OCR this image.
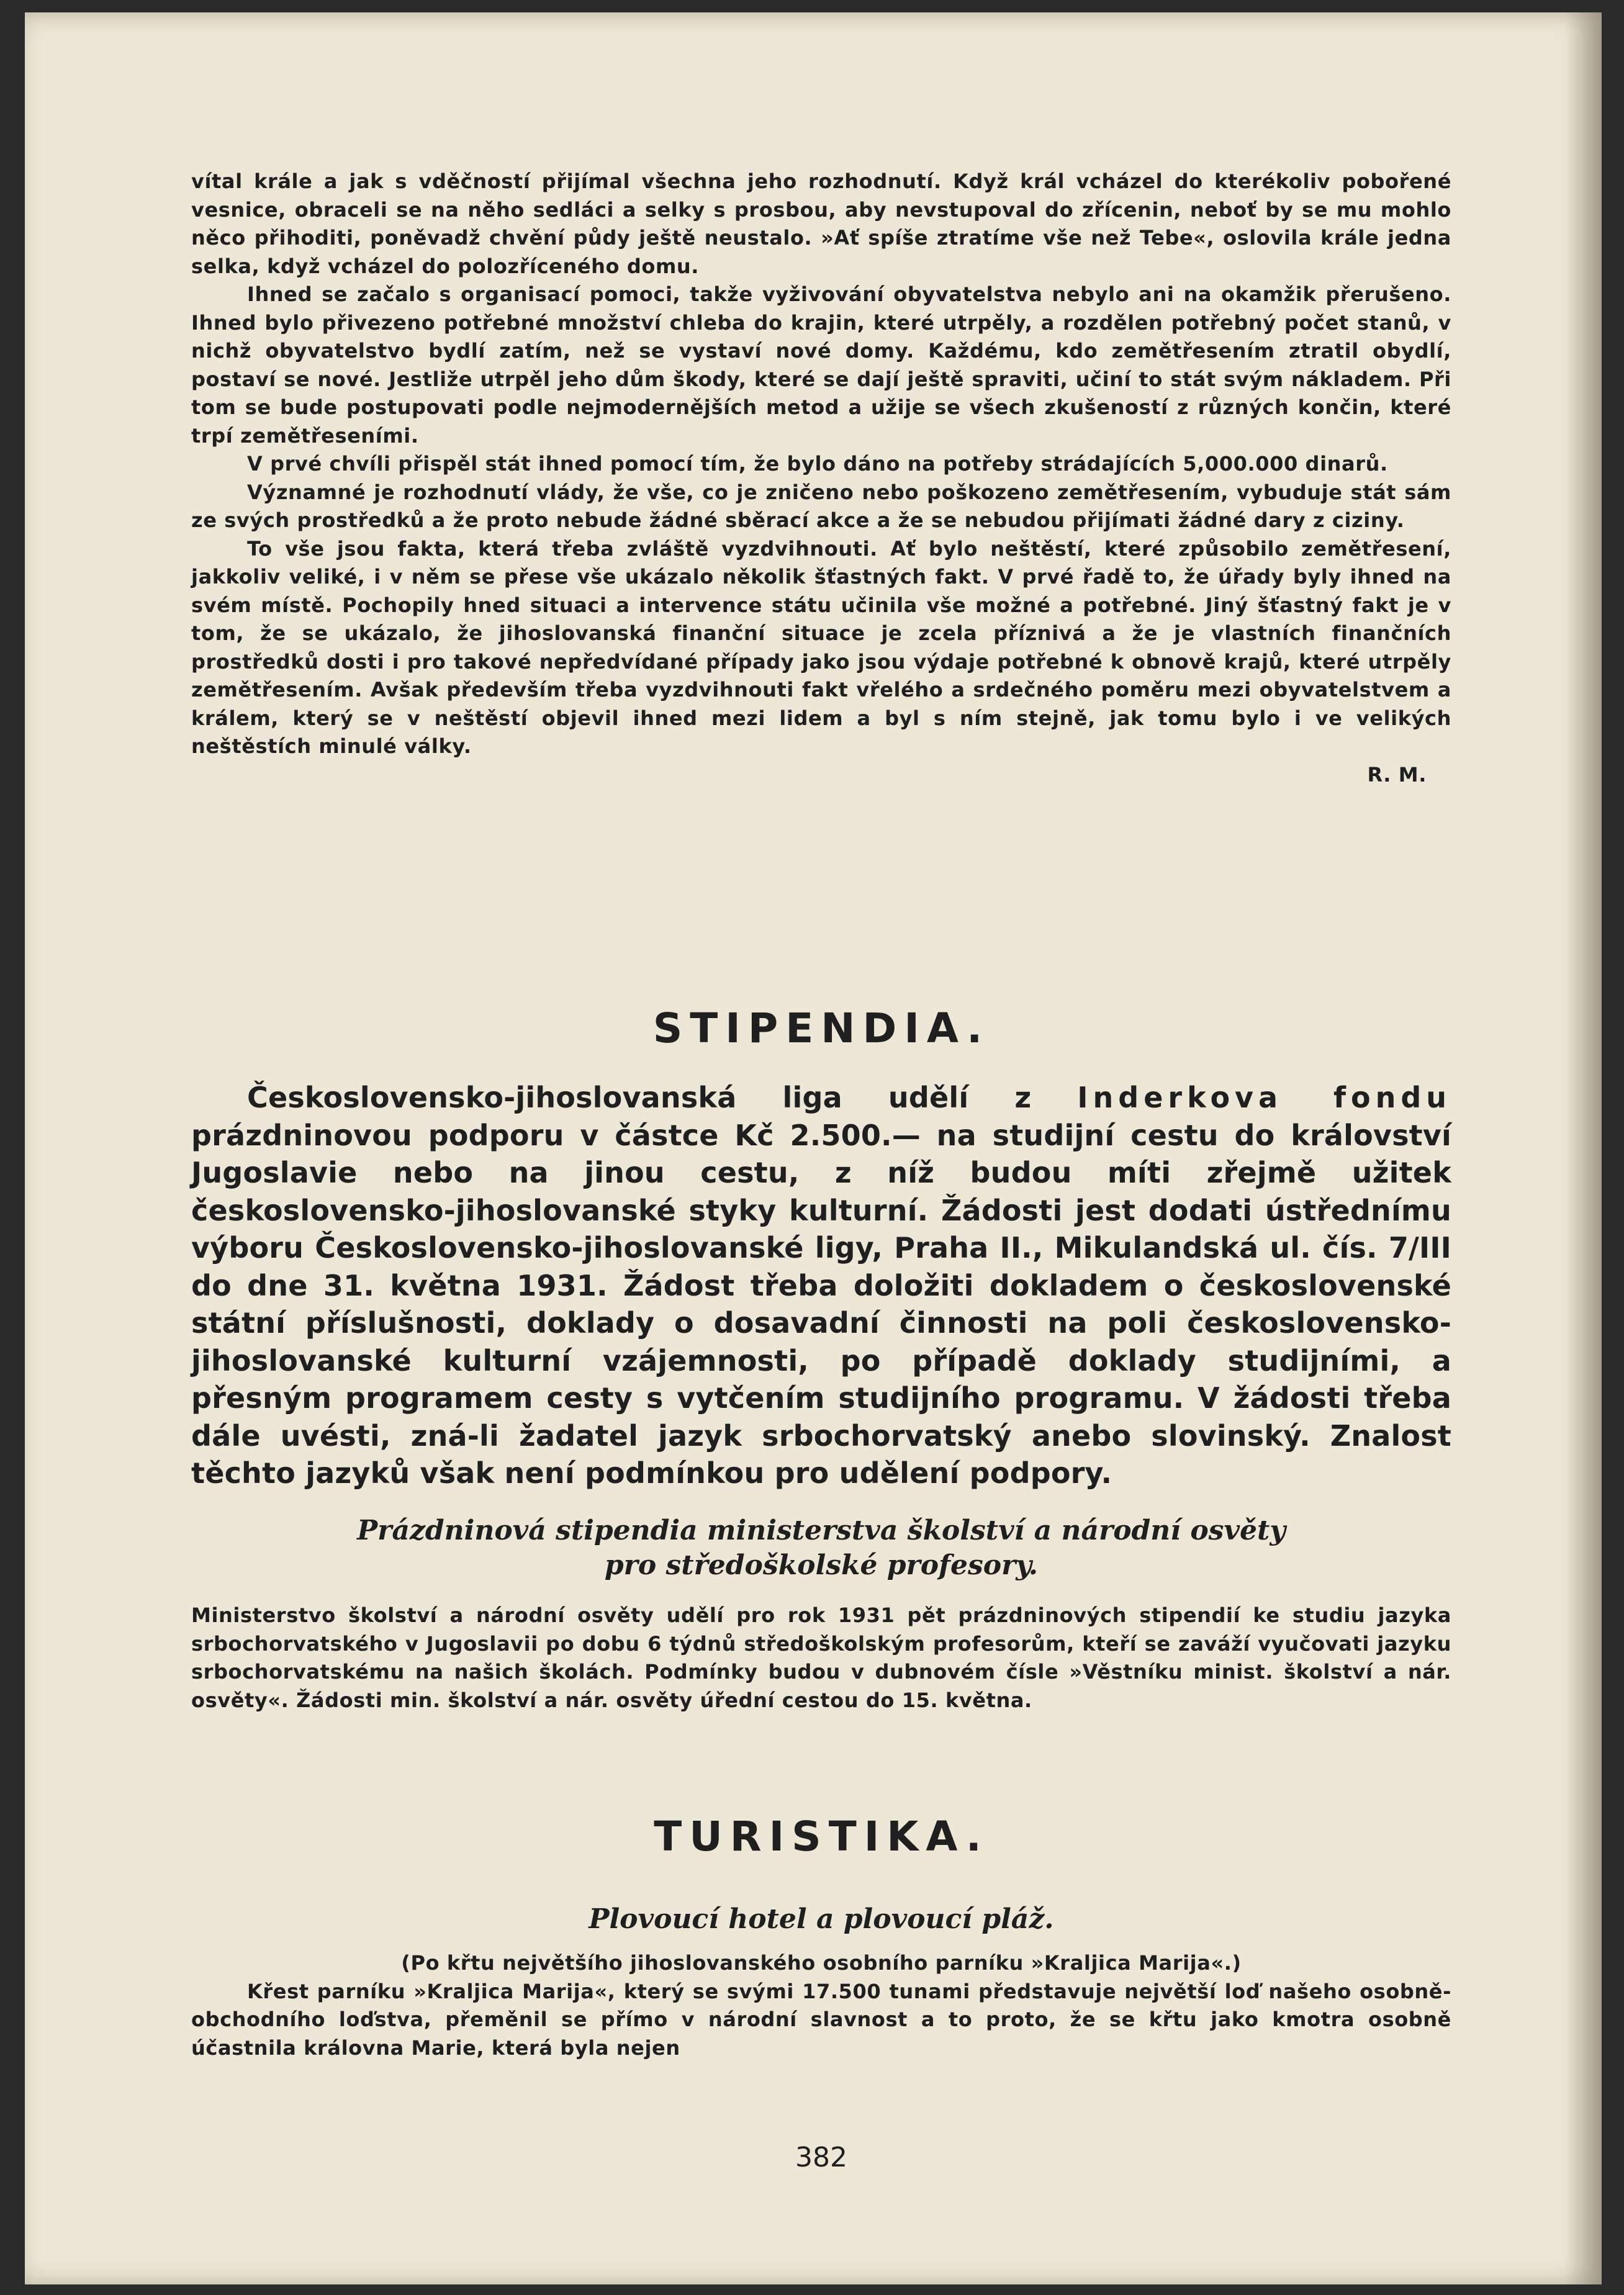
vítal krále a jak s vděčností přijímal všechna jeho rozhodnutí. Když král vcházel do kterékoliv pobořené vesnice, obraceli se na něho sedláci a selky s prosbou, aby nevstupoval do zřícenin, neboť by se mu mohlo něco přihoditi, poněvadž chvění půdy ještě neustalo. »Ať spíše ztratíme vše než Tebe«, oslovila krále jedna selka, když vcházel do polozříceného domu.

Ihned se začalo s organisací pomoci, takže vyživování obyvatelstva nebylo ani na okamžik přerušeno. Ihned bylo přivezeno potřebné množství chleba do krajin, které utrpěly, a rozdělen potřebný počet stanů, v nichž obyvatelstvo bydlí zatím, než se vystaví nové domy. Každému, kdo zemětřesením ztratil obydlí, postaví se nové. Jestliže utrpěl jeho dům škody, které se dají ještě spraviti, učiní to stát svým nákladem. Při tom se bude postupovati podle nejmodernějších metod a užije se všech zkušeností z různých končin, které trpí zemětřeseními.

V prvé chvíli přispěl stát ihned pomocí tím, že bylo dáno na potřeby strádajících 5,000.000 dinarů.

Významné je rozhodnutí vlády, že vše, co je zničeno nebo poškozeno zemětřesením, vybuduje stát sám ze svých prostředků a že proto nebude žádné sběrací akce a že se nebudou přijímati žádné dary z ciziny.

To vše jsou fakta, která třeba zvláště vyzdvihnouti. Ať bylo neštěstí, které způsobilo zemětřesení, jakkoliv veliké, i v něm se přese vše ukázalo několik šťastných fakt. V prvé řadě to, že úřady byly ihned na svém místě. Pochopily hned situaci a intervence státu učinila vše možné a potřebné. Jiný šťastný fakt je v tom, že se ukázalo, že jihoslovanská finanční situace je zcela příznivá a že je vlastních finančních prostředků dosti i pro takové nepředvídané případy jako jsou výdaje potřebné k obnově krajů, které utrpěly zemětřesením. Avšak především třeba vyzdvihnouti fakt vřelého a srdečného poměru mezi obyvatelstvem a králem, který se v neštěstí objevil ihned mezi lidem a byl s ním stejně, jak tomu bylo i ve velikých neštěstích minulé války.

R. M.

STIPENDIA.

Československo-jihoslovanská liga udělí z Inderkova fondu prázdninovou podporu v částce Kč 2.500.— na studijní cestu do království Jugoslavie nebo na jinou cestu, z níž budou míti zřejmě užitek československo-jihoslovanské styky kulturní. Žádosti jest dodati ústřednímu výboru Československo-jihoslovanské ligy, Praha II., Mikulandská ul. čís. 7/III do dne 31. května 1931. Žádost třeba doložiti dokladem o československé státní příslušnosti, doklady o dosavadní činnosti na poli československo-jihoslovanské kulturní vzájemnosti, po případě doklady studijními, a přesným programem cesty s vytčením studijního programu. V žádosti třeba dále uvésti, zná-li žadatel jazyk srbochorvatský anebo slovinský. Znalost těchto jazyků však není podmínkou pro udělení podpory.

Prázdninová stipendia ministerstva školství a národní osvěty
pro středoškolské profesory.

Ministerstvo školství a národní osvěty udělí pro rok 1931 pět prázdninových stipendií ke studiu jazyka srbochorvatského v Jugoslavii po dobu 6 týdnů středoškolským profesorům, kteří se zaváží vyučovati jazyku srbochorvatskému na našich školách. Podmínky budou v dubnovém čísle »Věstníku minist. školství a nár. osvěty«. Žádosti min. školství a nár. osvěty úřední cestou do 15. května.

TURISTIKA.
Plovoucí hotel a plovoucí pláž.

(Po křtu největšího jihoslovanského osobního parníku »Kraljica Marija«.)

Křest parníku »Kraljica Marija«, který se svými 17.500 tunami představuje největší loď našeho osobně-obchodního loďstva, přeměnil se přímo v národní slavnost a to proto, že se křtu jako kmotra osobně účastnila královna Marie, která byla nejen

382
